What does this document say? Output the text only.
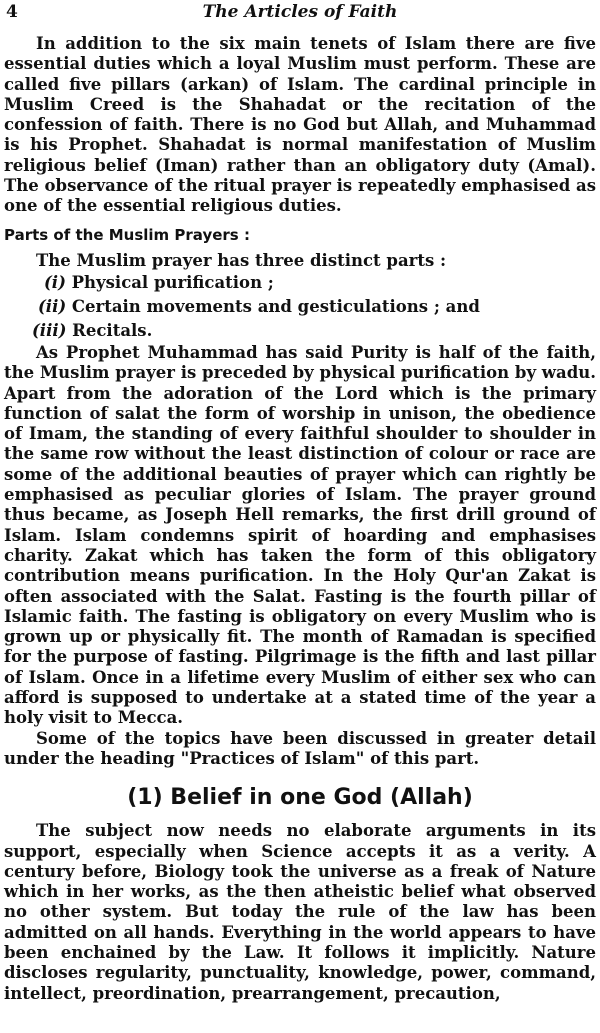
4	The Articles of Faith

In addition to the six main tenets of Islam there are five essential duties which a loyal Muslim must perform. These are called five pillars (arkan) of Islam. The cardinal principle in Muslim Creed is the Shahadat or the recitation of the confession of faith. There is no God but Allah, and Muhammad is his Prophet. Shahadat is normal manifestation of Muslim religious belief (Iman) rather than an obligatory duty (Amal). The observance of the ritual prayer is repeatedly emphasised as one of the essential religious duties.

Parts of the Muslim Prayers :
The Muslim prayer has three distinct parts :
(i) Physical purification ;
(ii) Certain movements and gesticulations ; and
(iii) Recitals.

As Prophet Muhammad has said Purity is half of the faith, the Muslim prayer is preceded by physical purification by wadu. Apart from the adoration of the Lord which is the primary function of salat the form of worship in unison, the obedience of Imam, the standing of every faithful shoulder to shoulder in the same row without the least distinction of colour or race are some of the additional beauties of prayer which can rightly be emphasised as peculiar glories of Islam. The prayer ground thus became, as Joseph Hell remarks, the first drill ground of Islam. Islam condemns spirit of hoarding and emphasises charity. Zakat which has taken the form of this obligatory contribution means purification. In the Holy Qur'an Zakat is often associated with the Salat. Fasting is the fourth pillar of Islamic faith. The fasting is obligatory on every Muslim who is grown up or physically fit. The month of Ramadan is specified for the purpose of fasting. Pilgrimage is the fifth and last pillar of Islam. Once in a lifetime every Muslim of either sex who can afford is supposed to undertake at a stated time of the year a holy visit to Mecca.

Some of the topics have been discussed in greater detail under the heading "Practices of Islam" of this part.

(1) Belief in one God (Allah)

The subject now needs no elaborate arguments in its support, especially when Science accepts it as a verity. A century before, Biology took the universe as a freak of Nature which in her works, as the then atheistic belief what observed no other system. But today the rule of the law has been admitted on all hands. Everything in the world appears to have been enchained by the Law. It follows it implicitly. Nature discloses regularity, punctuality, knowledge, power, command, intellect, preordination, prearrangement, precaution,
